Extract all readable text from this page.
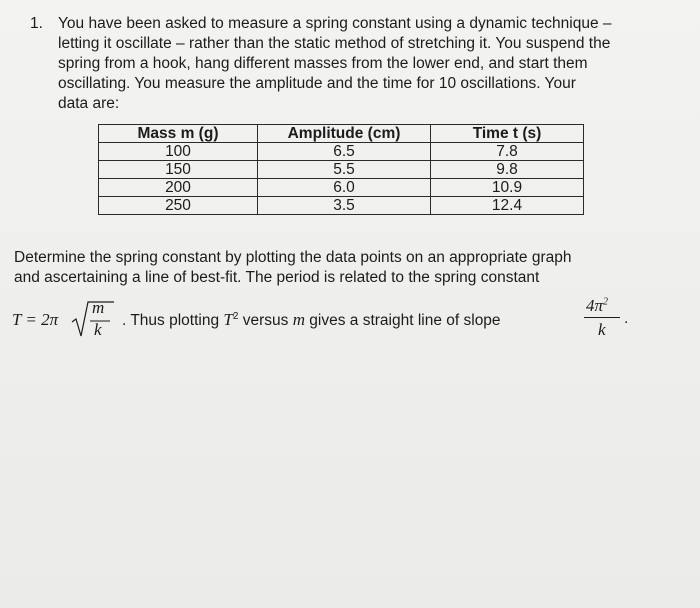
1. You have been asked to measure a spring constant using a dynamic technique –
letting it oscillate – rather than the static method of stretching it. You suspend the
spring from a hook, hang different masses from the lower end, and start them
oscillating. You measure the amplitude and the time for 10 oscillations. Your
data are:
Mass m (g)	Amplitude (cm)	Time t (s)
100	6.5	7.8
150	5.5	9.8
200	6.0	10.9
250	3.5	12.4
Determine the spring constant by plotting the data points on an appropriate graph
and ascertaining a line of best-fit. The period is related to the spring constant
T = 2π
m
k . Thus plotting $T^2$ versus m gives a straight line of slope
$4\pi^2$
k
.
